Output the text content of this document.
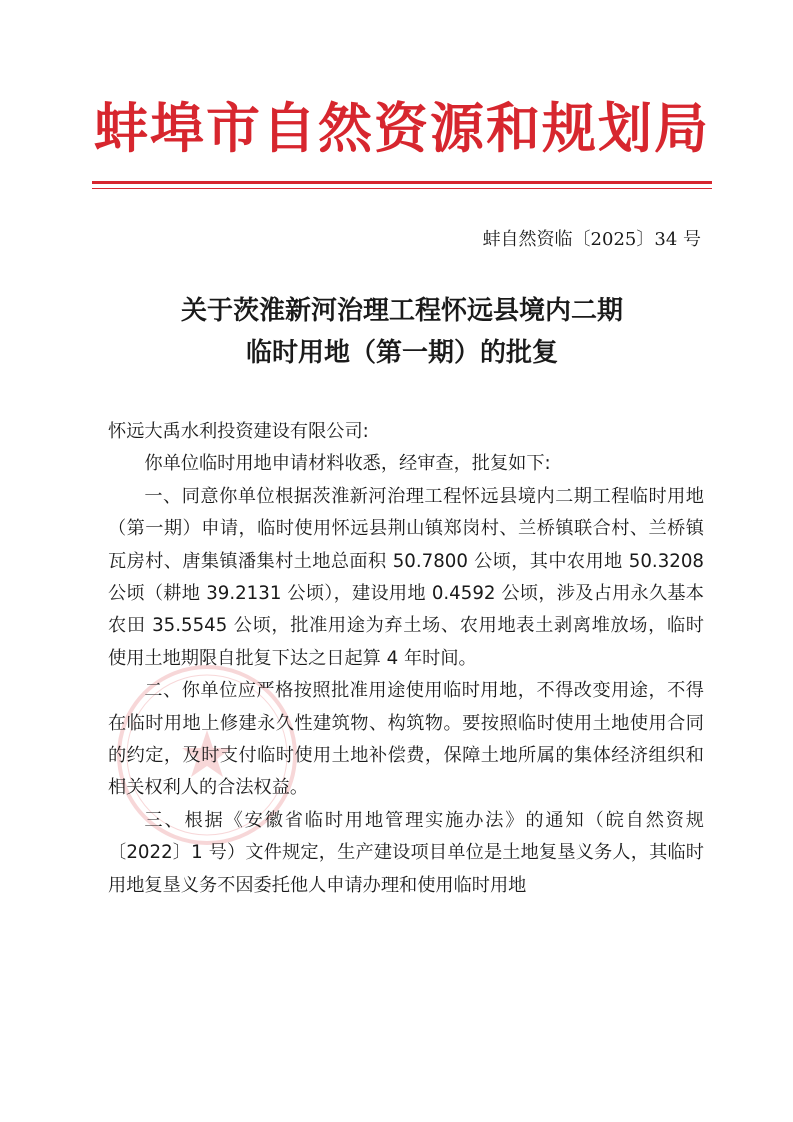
蚌埠市自然资源和规划局
蚌自然资临〔2025〕34 号
关于茨淮新河治理工程怀远县境内二期
临时用地（第一期）的批复

怀远大禹水利投资建设有限公司:

你单位临时用地申请材料收悉，经审查，批复如下:

一、同意你单位根据茨淮新河治理工程怀远县境内二期工程临时用地（第一期）申请，临时使用怀远县荆山镇郑岗村、兰桥镇联合村、兰桥镇瓦房村、唐集镇潘集村土地总面积 50.7800 公顷，其中农用地 50.3208 公顷（耕地 39.2131 公顷），建设用地 0.4592 公顷，涉及占用永久基本农田 35.5545 公顷，批准用途为弃土场、农用地表土剥离堆放场，临时使用土地期限自批复下达之日起算 4 年时间。

二、你单位应严格按照批准用途使用临时用地，不得改变用途，不得在临时用地上修建永久性建筑物、构筑物。要按照临时使用土地使用合同的约定，及时支付临时使用土地补偿费，保障土地所属的集体经济组织和相关权利人的合法权益。

三、根据《安徽省临时用地管理实施办法》的通知（皖自然资规〔2022〕1 号）文件规定，生产建设项目单位是土地复垦义务人，其临时用地复垦义务不因委托他人申请办理和使用临时用地
